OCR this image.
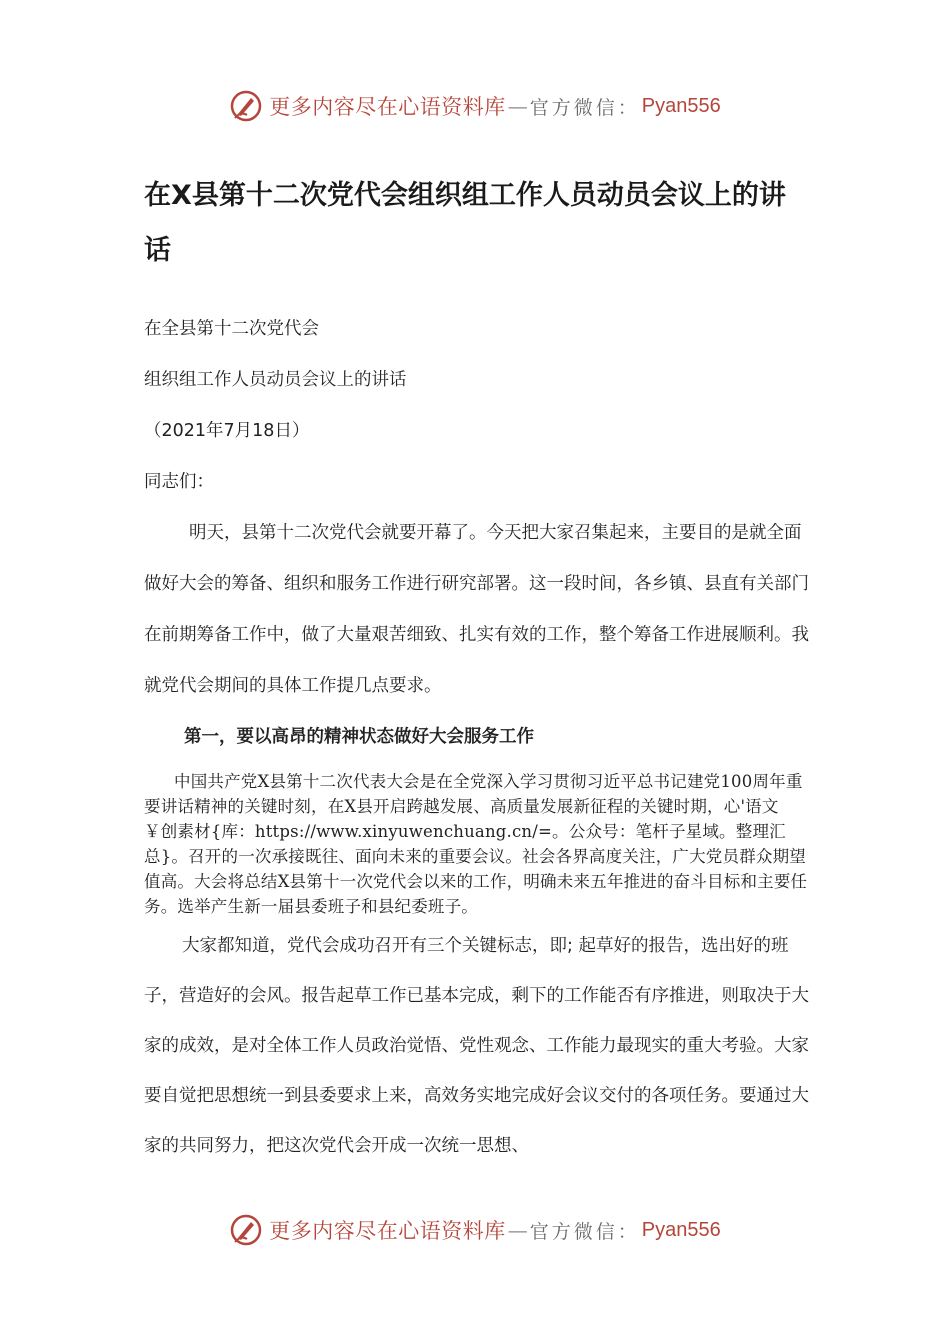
更多内容尽在心语资料库 — 官方微信： Pyan556
在X县第十二次党代会组织组工作人员动员会议上的讲话

在全县第十二次党代会

组织组工作人员动员会议上的讲话

（2021年7月18日）

同志们：

明天，县第十二次党代会就要开幕了。今天把大家召集起来，主要目的是就全面做好大会的筹备、组织和服务工作进行研究部署。这一段时间，各乡镇、县直有关部门在前期筹备工作中，做了大量艰苦细致、扎实有效的工作，整个筹备工作进展顺利。我就党代会期间的具体工作提几点要求。

第一，要以高昂的精神状态做好大会服务工作

中国共产党X县第十二次代表大会是在全党深入学习贯彻习近平总书记建党100周年重要讲话精神的关键时刻，在X县开启跨越发展、高质量发展新征程的关键时期，心'语文￥创素材{库：https://www.xinyuwenchuang.cn/=。公众号：笔杆子星域。整理汇总}。召开的一次承接既往、面向未来的重要会议。社会各界高度关注，广大党员群众期望值高。大会将总结X县第十一次党代会以来的工作，明确未来五年推进的奋斗目标和主要任务。选举产生新一届县委班子和县纪委班子。

大家都知道，党代会成功召开有三个关键标志，即; 起草好的报告，选出好的班子，营造好的会风。报告起草工作已基本完成，剩下的工作能否有序推进，则取决于大家的成效，是对全体工作人员政治觉悟、党性观念、工作能力最现实的重大考验。大家要自觉把思想统一到县委要求上来，高效务实地完成好会议交付的各项任务。要通过大家的共同努力，把这次党代会开成一次统一思想、

更多内容尽在心语资料库 — 官方微信： Pyan556
